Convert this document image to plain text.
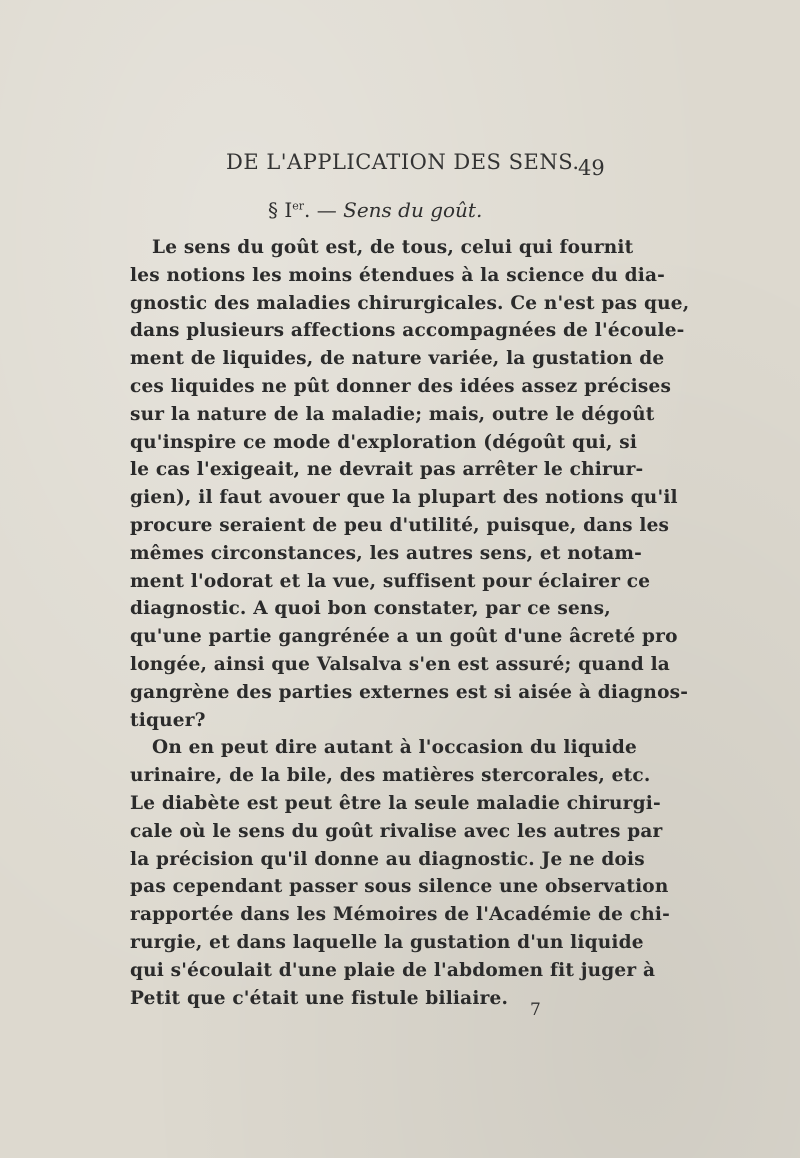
DE L'APPLICATION DES SENS.
49
§ Ier. — Sens du goût.
Le sens du goût est, de tous, celui qui fournit
les notions les moins étendues à la science du dia-
gnostic des maladies chirurgicales. Ce n'est pas que,
dans plusieurs affections accompagnées de l'écoule-
ment de liquides, de nature variée, la gustation de
ces liquides ne pût donner des idées assez précises
sur la nature de la maladie; mais, outre le dégoût
qu'inspire ce mode d'exploration (dégoût qui, si
le cas l'exigeait, ne devrait pas arrêter le chirur-
gien), il faut avouer que la plupart des notions qu'il
procure seraient de peu d'utilité, puisque, dans les
mêmes circonstances, les autres sens, et notam-
ment l'odorat et la vue, suffisent pour éclairer ce
diagnostic. A quoi bon constater, par ce sens,
qu'une partie gangrénée a un goût d'une âcreté pro
longée, ainsi que Valsalva s'en est assuré; quand la
gangrène des parties externes est si aisée à diagnos-
tiquer?
On en peut dire autant à l'occasion du liquide
urinaire, de la bile, des matières stercorales, etc.
Le diabète est peut être la seule maladie chirurgi-
cale où le sens du goût rivalise avec les autres par
la précision qu'il donne au diagnostic. Je ne dois
pas cependant passer sous silence une observation
rapportée dans les Mémoires de l'Académie de chi-
rurgie, et dans laquelle la gustation d'un liquide
qui s'écoulait d'une plaie de l'abdomen fit juger à
Petit que c'était une fistule biliaire.
7
